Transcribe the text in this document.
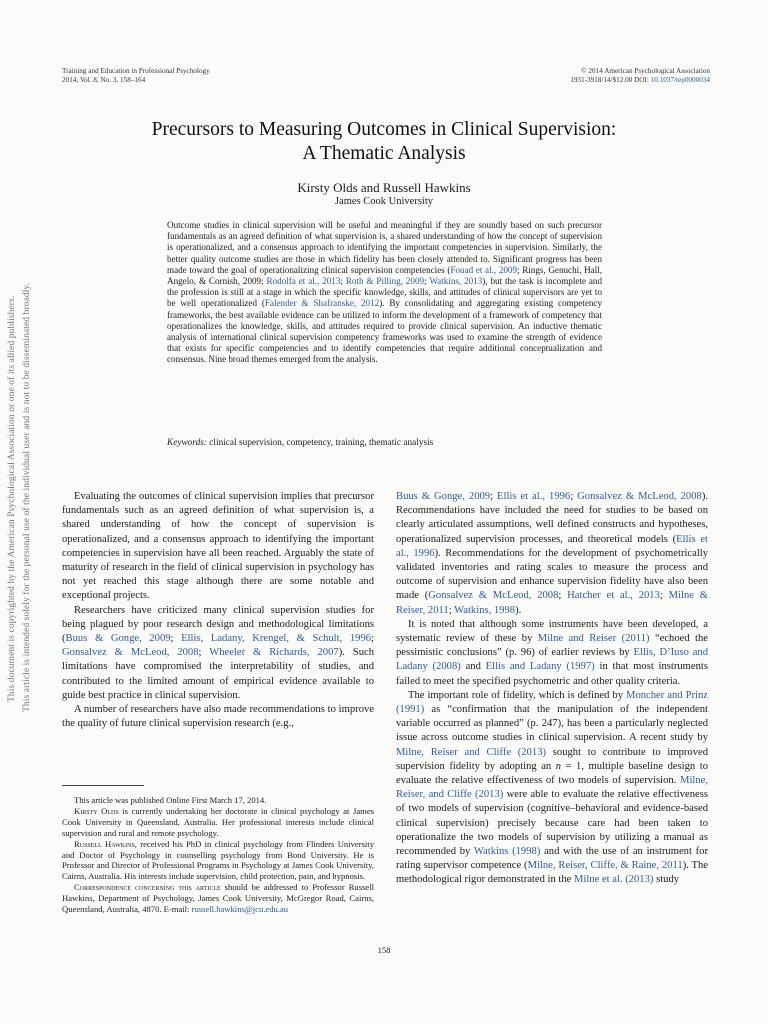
Training and Education in Professional Psychology
2014, Vol. 8, No. 3, 158–164
© 2014 American Psychological Association
1931-3918/14/$12.00 DOI: 10.1037/tep0000034
This document is copyrighted by the American Psychological Association or one of its allied publishers. This article is intended solely for the personal use of the individual user and is not to be disseminated broadly.
Precursors to Measuring Outcomes in Clinical Supervision:
A Thematic Analysis
Kirsty Olds and Russell Hawkins
James Cook University
Outcome studies in clinical supervision will be useful and meaningful if they are soundly based on such precursor fundamentals as an agreed definition of what supervision is, a shared understanding of how the concept of supervision is operationalized, and a consensus approach to identifying the important competencies in supervision. Similarly, the better quality outcome studies are those in which fidelity has been closely attended to. Significant progress has been made toward the goal of operationalizing clinical supervision competencies (Fouad et al., 2009; Rings, Genuchi, Hall, Angelo, & Cornish, 2009; Rodolfa et al., 2013; Roth & Pilling, 2009; Watkins, 2013), but the task is incomplete and the profession is still at a stage in which the specific knowledge, skills, and attitudes of clinical supervisors are yet to be well operationalized (Falender & Shafranske, 2012). By consolidating and aggregating existing competency frameworks, the best available evidence can be utilized to inform the development of a framework of competency that operationalizes the knowledge, skills, and attitudes required to provide clinical supervision. An inductive thematic analysis of international clinical supervision competency frameworks was used to examine the strength of evidence that exists for specific competencies and to identify competencies that require additional conceptualization and consensus. Nine broad themes emerged from the analysis.
Keywords: clinical supervision, competency, training, thematic analysis

Evaluating the outcomes of clinical supervision implies that precursor fundamentals such as an agreed definition of what supervision is, a shared understanding of how the concept of supervision is operationalized, and a consensus approach to identifying the important competencies in supervision have all been reached. Arguably the state of maturity of research in the field of clinical supervision in psychology has not yet reached this stage although there are some notable and exceptional projects.

Researchers have criticized many clinical supervision studies for being plagued by poor research design and methodological limitations (Buus & Gonge, 2009; Ellis, Ladany, Krengel, & Schult, 1996; Gonsalvez & McLeod, 2008; Wheeler & Richards, 2007). Such limitations have compromised the interpretability of studies, and contributed to the limited amount of empirical evidence available to guide best practice in clinical supervision.

A number of researchers have also made recommendations to improve the quality of future clinical supervision research (e.g.,

Buus & Gonge, 2009; Ellis et al., 1996; Gonsalvez & McLeod, 2008). Recommendations have included the need for studies to be based on clearly articulated assumptions, well defined constructs and hypotheses, operationalized supervision processes, and theoretical models (Ellis et al., 1996). Recommendations for the development of psychometrically validated inventories and rating scales to measure the process and outcome of supervision and enhance supervision fidelity have also been made (Gonsalvez & McLeod, 2008; Hatcher et al., 2013; Milne & Reiser, 2011; Watkins, 1998).

It is noted that although some instruments have been developed, a systematic review of these by Milne and Reiser (2011) “echoed the pessimistic conclusions” (p. 96) of earlier reviews by Ellis, D’Iuso and Ladany (2008) and Ellis and Ladany (1997) in that most instruments failed to meet the specified psychometric and other quality criteria.

The important role of fidelity, which is defined by Moncher and Prinz (1991) as “confirmation that the manipulation of the independent variable occurred as planned” (p. 247), has been a particularly neglected issue across outcome studies in clinical supervision. A recent study by Milne, Reiser and Cliffe (2013) sought to contribute to improved supervision fidelity by adopting an n = 1, multiple baseline design to evaluate the relative effectiveness of two models of supervision. Milne, Reiser, and Cliffe (2013) were able to evaluate the relative effectiveness of two models of supervision (cognitive–behavioral and evidence-based clinical supervision) precisely because care had been taken to operationalize the two models of supervision by utilizing a manual as recommended by Watkins (1998) and with the use of an instrument for rating supervisor competence (Milne, Reiser, Cliffe, & Raine, 2011). The methodological rigor demonstrated in the Milne et al. (2013) study

This article was published Online First March 17, 2014.

Kirsty Olds is currently undertaking her doctorate in clinical psychology at James Cook University in Queensland, Australia. Her professional interests include clinical supervision and rural and remote psychology.

Russell Hawkins, received his PhD in clinical psychology from Flinders University and Doctor of Psychology in counselling psychology from Bond University. He is Professor and Director of Professional Programs in Psychology at James Cook University, Cairns, Australia. His interests include supervision, child protection, pain, and hypnosis.

Correspondence concerning this article should be addressed to Professor Russell Hawkins, Department of Psychology, James Cook University, McGregor Road, Cairns, Queensland, Australia, 4870. E-mail: russell.hawkins@jcu.edu.au

158
